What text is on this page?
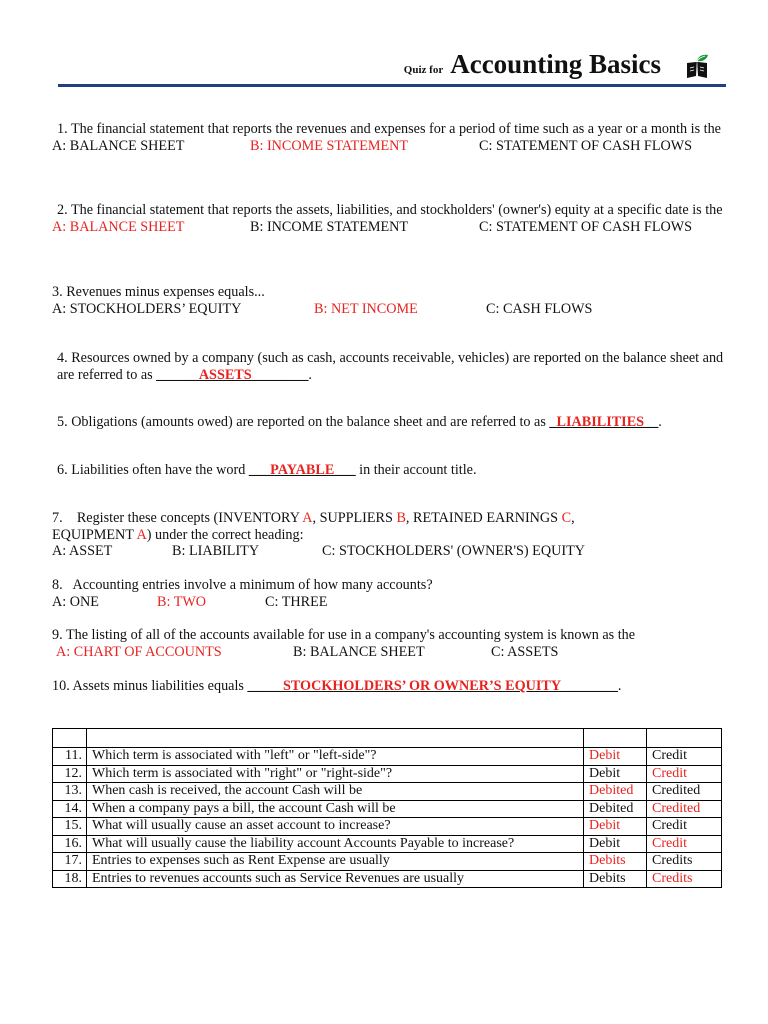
Quiz for Accounting Basics
1. The financial statement that reports the revenues and expenses for a period of time such as a year or a month is the
A: BALANCE SHEET	B: INCOME STATEMENT	C: STATEMENT OF CASH FLOWS
2. The financial statement that reports the assets, liabilities, and stockholders' (owner's) equity at a specific date is the
A: BALANCE SHEET	B: INCOME STATEMENT	C: STATEMENT OF CASH FLOWS
3. Revenues minus expenses equals...
A: STOCKHOLDERS’ EQUITY	B: NET INCOME	C: CASH FLOWS
4. Resources owned by a company (such as cash, accounts receivable, vehicles) are reported on the balance sheet and are referred to as ______ASSETS________.
5. Obligations (amounts owed) are reported on the balance sheet and are referred to as _LIABILITIES__.
6. Liabilities often have the word ___PAYABLE___ in their account title.
7. Register these concepts (INVENTORY A, SUPPLIERS B, RETAINED EARNINGS C,
EQUIPMENT A) under the correct heading:
A: ASSET	B: LIABILITY	C: STOCKHOLDERS' (OWNER'S) EQUITY
8. Accounting entries involve a minimum of how many accounts?
A: ONE	B: TWO	C: THREE
9. The listing of all of the accounts available for use in a company's accounting system is known as the
A: CHART OF ACCOUNTS	B: BALANCE SHEET	C: ASSETS
10. Assets minus liabilities equals _____STOCKHOLDERS’ OR OWNER’S EQUITY________.

11.	Which term is associated with "left" or "left-side"?	Debit	Credit
12.	Which term is associated with "right" or "right-side"?	Debit	Credit
13.	When cash is received, the account Cash will be	Debited	Credited
14.	When a company pays a bill, the account Cash will be	Debited	Credited
15.	What will usually cause an asset account to increase?	Debit	Credit
16.	What will usually cause the liability account Accounts Payable to increase?	Debit	Credit
17.	Entries to expenses such as Rent Expense are usually	Debits	Credits
18.	Entries to revenues accounts such as Service Revenues are usually	Debits	Credits
